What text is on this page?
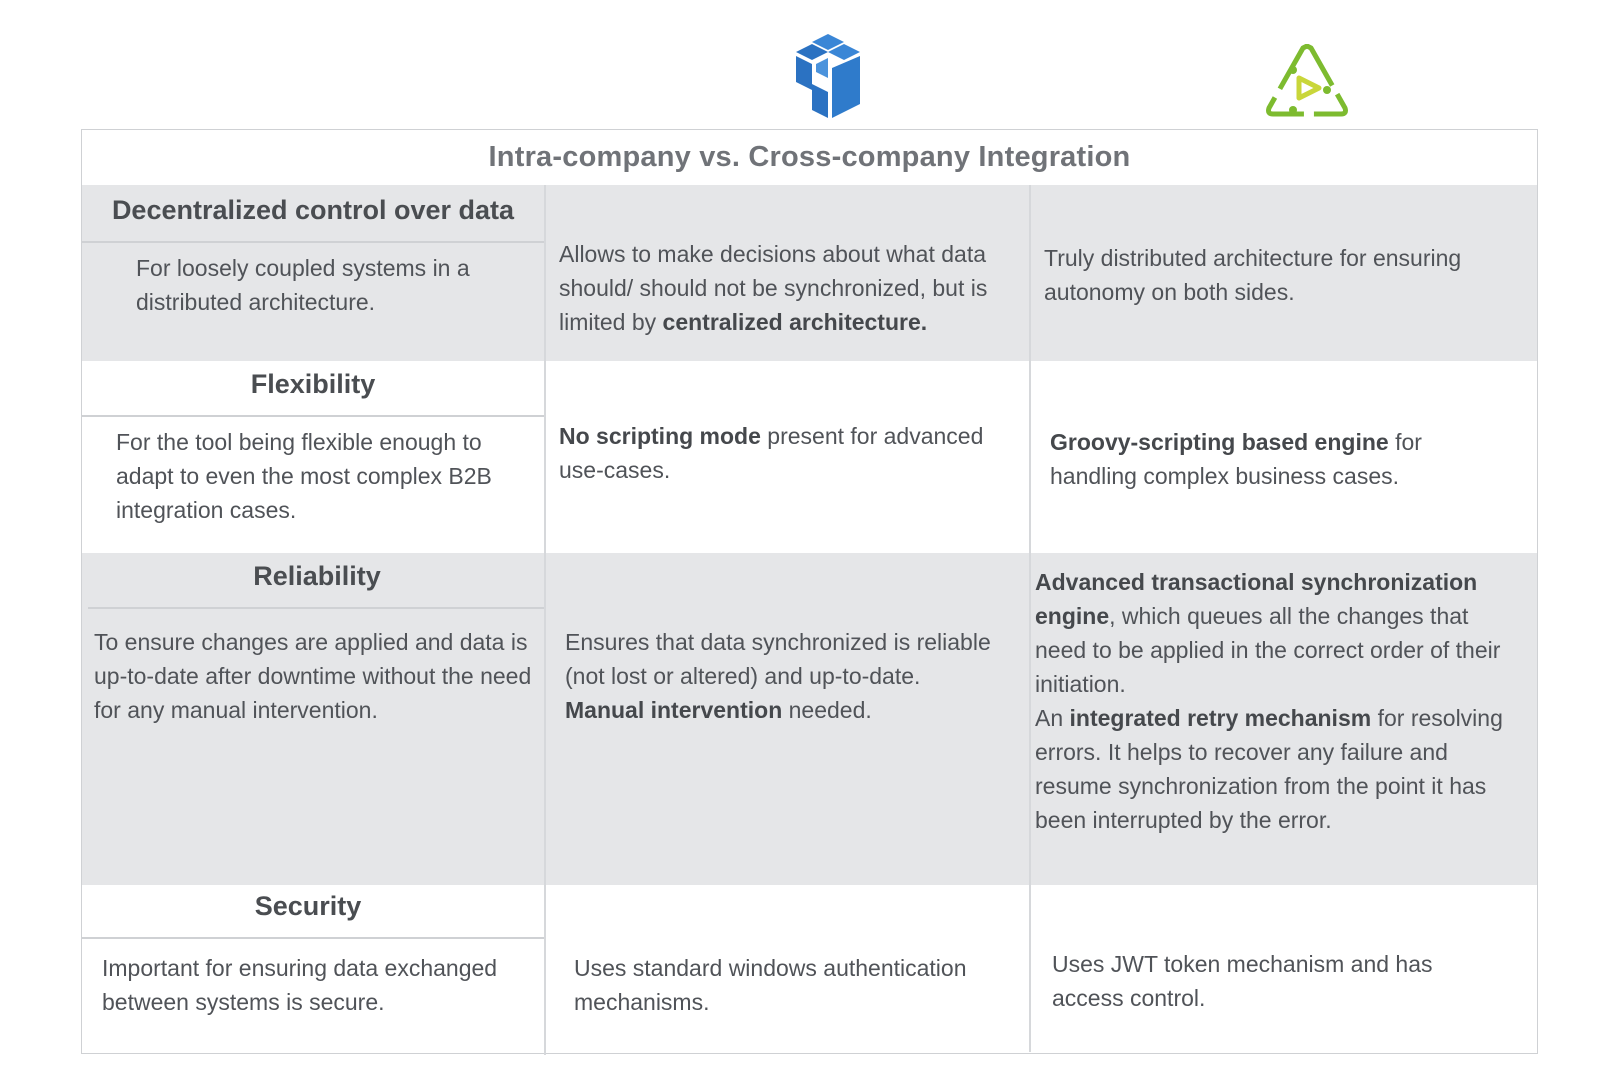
Intra-company vs. Cross-company Integration
Decentralized control over data
For loosely coupled systems in a distributed architecture.
Allows to make decisions about what data should/ should not be synchronized, but is limited by centralized architecture.
Truly distributed architecture for ensuring autonomy on both sides.
Flexibility
For the tool being flexible enough to adapt to even the most complex B2B integration cases.
No scripting mode present for advanced use-cases.
Groovy-scripting based engine for handling complex business cases.
Reliability
To ensure changes are applied and data is up-to-date after downtime without the need for any manual intervention.
Ensures that data synchronized is reliable (not lost or altered) and up-to-date.
Manual intervention needed.
Advanced transactional synchronization engine, which queues all the changes that need to be applied in the correct order of their initiation.
An integrated retry mechanism for resolving errors. It helps to recover any failure and resume synchronization from the point it has been interrupted by the error.
Security
Important for ensuring data exchanged between systems is secure.
Uses standard windows authentication mechanisms.
Uses JWT token mechanism and has access control.
